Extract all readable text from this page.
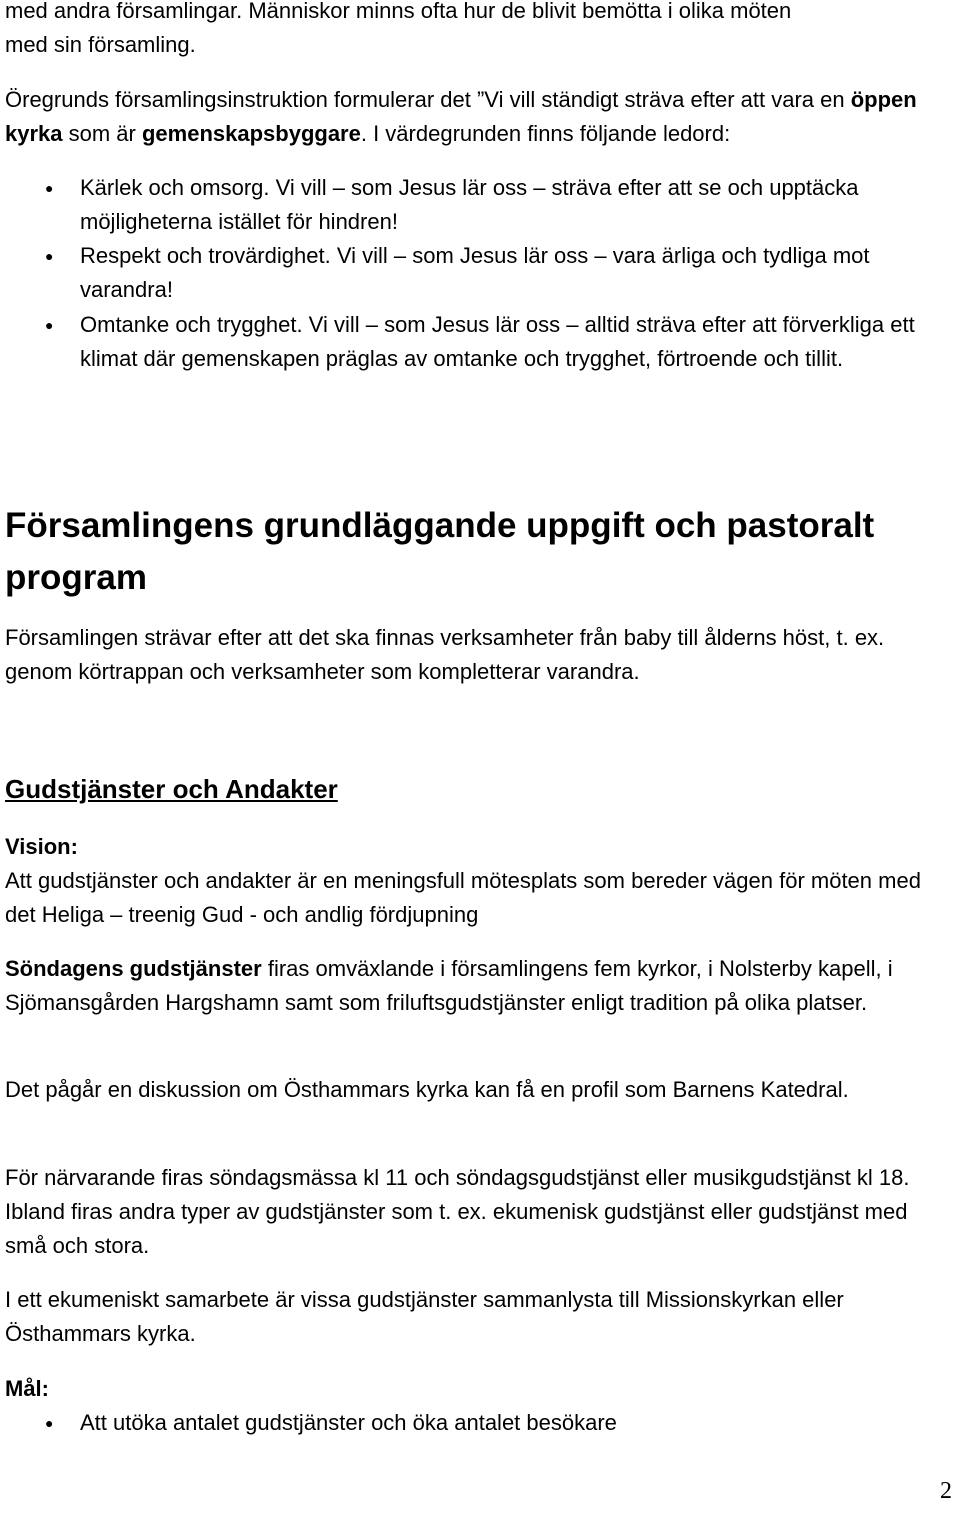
med andra församlingar. Människor minns ofta hur de blivit bemötta i olika möten

med sin församling.

Öregrunds församlingsinstruktion formulerar det ”Vi vill ständigt sträva efter att vara en öppen kyrka som är gemenskapsbyggare. I värdegrunden finns följande ledord:

● Kärlek och omsorg. Vi vill – som Jesus lär oss – sträva efter att se och upptäcka möjligheterna istället för hindren!
● Respekt och trovärdighet. Vi vill – som Jesus lär oss – vara ärliga och tydliga mot varandra!
● Omtanke och trygghet. Vi vill – som Jesus lär oss – alltid sträva efter att förverkliga ett klimat där gemenskapen präglas av omtanke och trygghet, förtroende och tillit.
Församlingens grundläggande uppgift och pastoralt program

Församlingen strävar efter att det ska finnas verksamheter från baby till ålderns höst, t. ex. genom körtrappan och verksamheter som kompletterar varandra.

Gudstjänster och Andakter

Vision:

Att gudstjänster och andakter är en meningsfull mötesplats som bereder vägen för möten med det Heliga – treenig Gud - och andlig fördjupning

Söndagens gudstjänster firas omväxlande i församlingens fem kyrkor, i Nolsterby kapell, i Sjömansgården Hargshamn samt som friluftsgudstjänster enligt tradition på olika platser.

Det pågår en diskussion om Östhammars kyrka kan få en profil som Barnens Katedral.

För närvarande firas söndagsmässa kl 11 och söndagsgudstjänst eller musikgudstjänst kl 18. Ibland firas andra typer av gudstjänster som t. ex. ekumenisk gudstjänst eller gudstjänst med små och stora.

I ett ekumeniskt samarbete är vissa gudstjänster sammanlysta till Missionskyrkan eller Östhammars kyrka.

Mål:

● Att utöka antalet gudstjänster och öka antalet besökare
2
